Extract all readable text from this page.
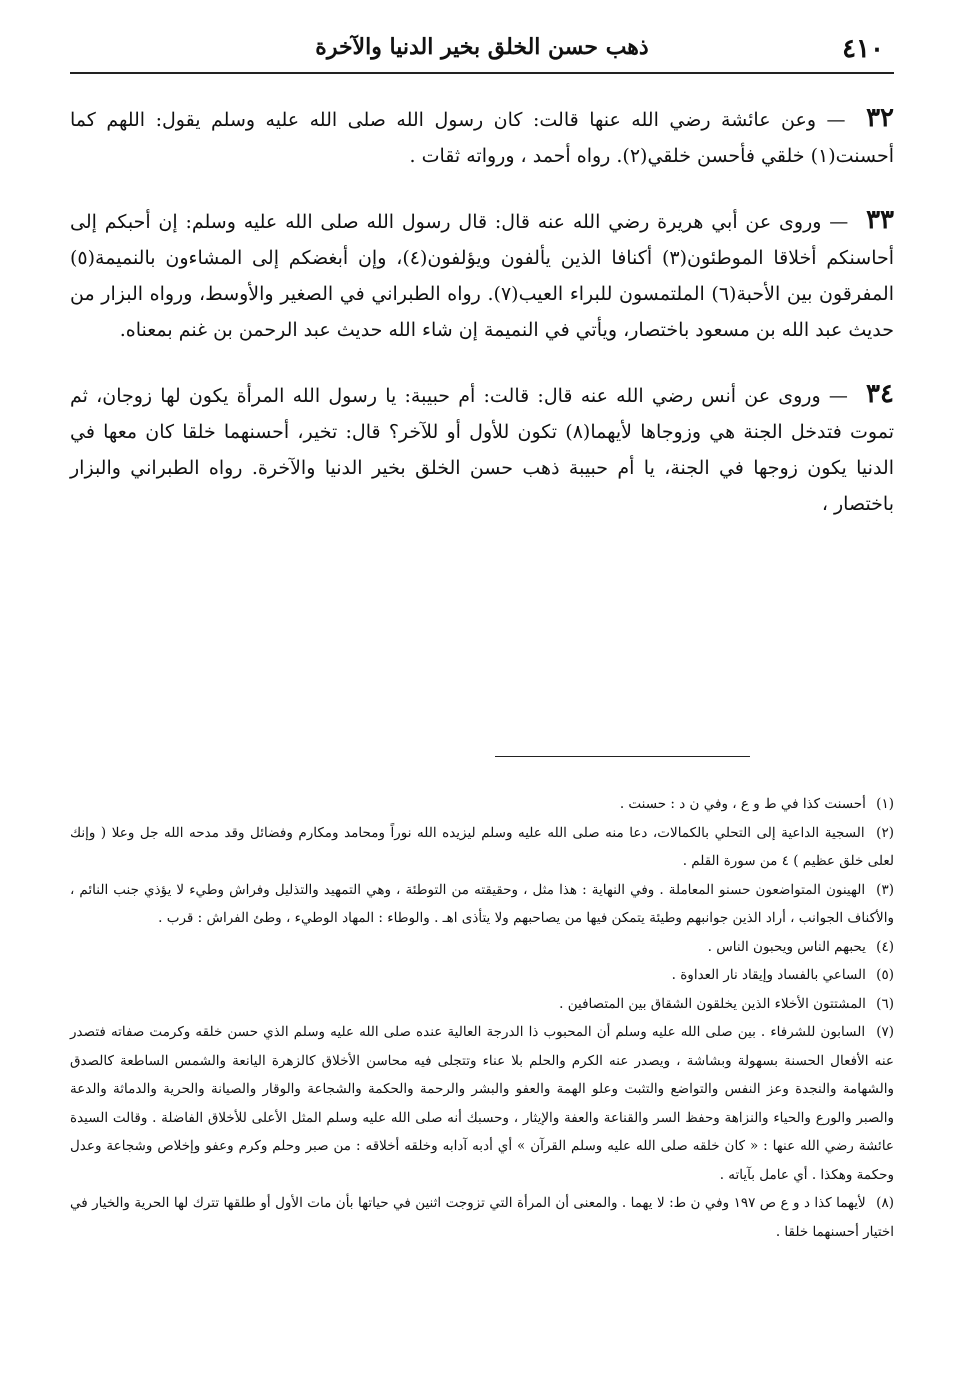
٤١٠
ذهب حسن الخلق بخير الدنيا والآخرة

٣٢ — وعن عائشة رضي الله عنها قالت: كان رسول الله صلى الله عليه وسلم يقول: اللهم كما أحسنت(١) خلقي فأحسن خلقي(٢). رواه أحمد ، ورواته ثقات .

٣٣ — وروى عن أبي هريرة رضي الله عنه قال: قال رسول الله صلى الله عليه وسلم: إن أحبكم إلى أحاسنكم أخلاقا الموطئون(٣) أكنافا الذين يألفون ويؤلفون(٤)، وإن أبغضكم إلى المشاءون بالنميمة(٥) المفرقون بين الأحبة(٦) الملتمسون للبراء العيب(٧). رواه الطبراني في الصغير والأوسط، ورواه البزار من حديث عبد الله بن مسعود باختصار، ويأتي في النميمة إن شاء الله حديث عبد الرحمن بن غنم بمعناه.

٣٤ — وروى عن أنس رضي الله عنه قال: قالت: أم حبيبة: يا رسول الله المرأة يكون لها زوجان، ثم تموت فتدخل الجنة هي وزوجاها لأيهما(٨) تكون للأول أو للآخر؟ قال: تخير، أحسنهما خلقا كان معها في الدنيا يكون زوجها في الجنة، يا أم حبيبة ذهب حسن الخلق بخير الدنيا والآخرة. رواه الطبراني والبزار باختصار ،

(١) أحسنت كذا في ط و ع ، وفي ن د : حسنت .

(٢) السجية الداعية إلى التحلي بالكمالات، دعا منه صلى الله عليه وسلم ليزيده الله نوراً ومحامد ومكارم وفضائل وقد مدحه الله جل وعلا ( وإنك لعلى خلق عظيم ) ٤ من سورة القلم .

(٣) الهينون المتواضعون حسنو المعاملة . وفي النهاية : هذا مثل ، وحقيقته من التوطئة ، وهي التمهيد والتذليل وفراش وطيء لا يؤذي جنب النائم ، والأكناف الجوانب ، أراد الذين جوانبهم وطيئة يتمكن فيها من يصاحبهم ولا يتأذى اهـ . والوطاء : المهاد الوطيء ، وطئ الفراش : قرب .

(٤) يحبهم الناس ويحبون الناس .

(٥) الساعي بالفساد وإيقاد نار العداوة .

(٦) المشتتون الأخلاء الذين يخلقون الشقاق بين المتصافين .

(٧) السابون للشرفاء . بين صلى الله عليه وسلم أن المحبوب ذا الدرجة العالية عنده صلى الله عليه وسلم الذي حسن خلقه وكرمت صفاته فتصدر عنه الأفعال الحسنة بسهولة وبشاشة ، ويصدر عنه الكرم والحلم بلا عناء وتتجلى فيه محاسن الأخلاق كالزهرة اليانعة والشمس الساطعة كالصدق والشهامة والنجدة وعز النفس والتواضع والتثبت وعلو الهمة والعفو والبشر والرحمة والحكمة والشجاعة والوقار والصيانة والحرية والدماثة والدعة والصبر والورع والحياء والنزاهة وحفظ السر والقناعة والعفة والإيثار ، وحسبك أنه صلى الله عليه وسلم المثل الأعلى للأخلاق الفاضلة . وقالت السيدة عائشة رضي الله عنها : « كان خلقه صلى الله عليه وسلم القرآن » أي أدبه آدابه وخلقه أخلاقه : من صبر وحلم وكرم وعفو وإخلاص وشجاعة وعدل وحكمة وهكذا . أي عامل بآياته .

(٨) لأيهما كذا د و ع ص ١٩٧ وفي ن ط: لا يهما . والمعنى أن المرأة التي تزوجت اثنين في حياتها بأن مات الأول أو طلقها تترك لها الحرية والخيار في اختيار أحسنهما خلقا .
